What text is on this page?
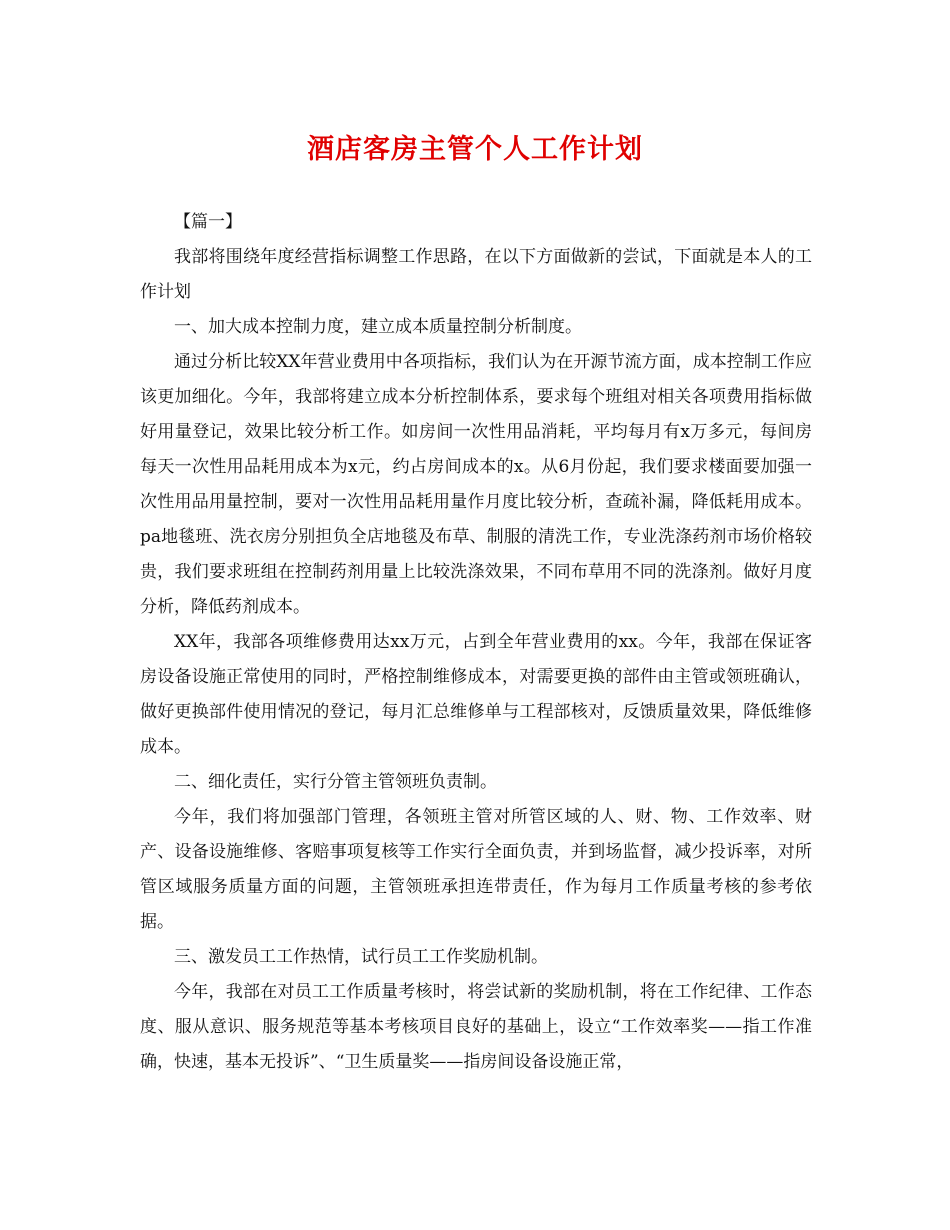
酒店客房主管个人工作计划

【篇一】

我部将围绕年度经营指标调整工作思路，在以下方面做新的尝试，下面就是本人的工作计划

一、加大成本控制力度，建立成本质量控制分析制度。

通过分析比较XX年营业费用中各项指标，我们认为在开源节流方面，成本控制工作应该更加细化。今年，我部将建立成本分析控制体系，要求每个班组对相关各项费用指标做好用量登记，效果比较分析工作。如房间一次性用品消耗，平均每月有x万多元，每间房每天一次性用品耗用成本为x元，约占房间成本的x。从6月份起，我们要求楼面要加强一次性用品用量控制，要对一次性用品耗用量作月度比较分析，查疏补漏，降低耗用成本。pa地毯班、洗衣房分别担负全店地毯及布草、制服的清洗工作，专业洗涤药剂市场价格较贵，我们要求班组在控制药剂用量上比较洗涤效果，不同布草用不同的洗涤剂。做好月度分析，降低药剂成本。

XX年，我部各项维修费用达xx万元，占到全年营业费用的xx。今年，我部在保证客房设备设施正常使用的同时，严格控制维修成本，对需要更换的部件由主管或领班确认，做好更换部件使用情况的登记，每月汇总维修单与工程部核对，反馈质量效果，降低维修成本。

二、细化责任，实行分管主管领班负责制。

今年，我们将加强部门管理，各领班主管对所管区域的人、财、物、工作效率、财产、设备设施维修、客赔事项复核等工作实行全面负责，并到场监督，减少投诉率，对所管区域服务质量方面的问题，主管领班承担连带责任，作为每月工作质量考核的参考依据。

三、激发员工工作热情，试行员工工作奖励机制。

今年，我部在对员工工作质量考核时，将尝试新的奖励机制，将在工作纪律、工作态度、服从意识、服务规范等基本考核项目良好的基础上，设立“工作效率奖——指工作准确，快速，基本无投诉”、“卫生质量奖——指房间设备设施正常，
